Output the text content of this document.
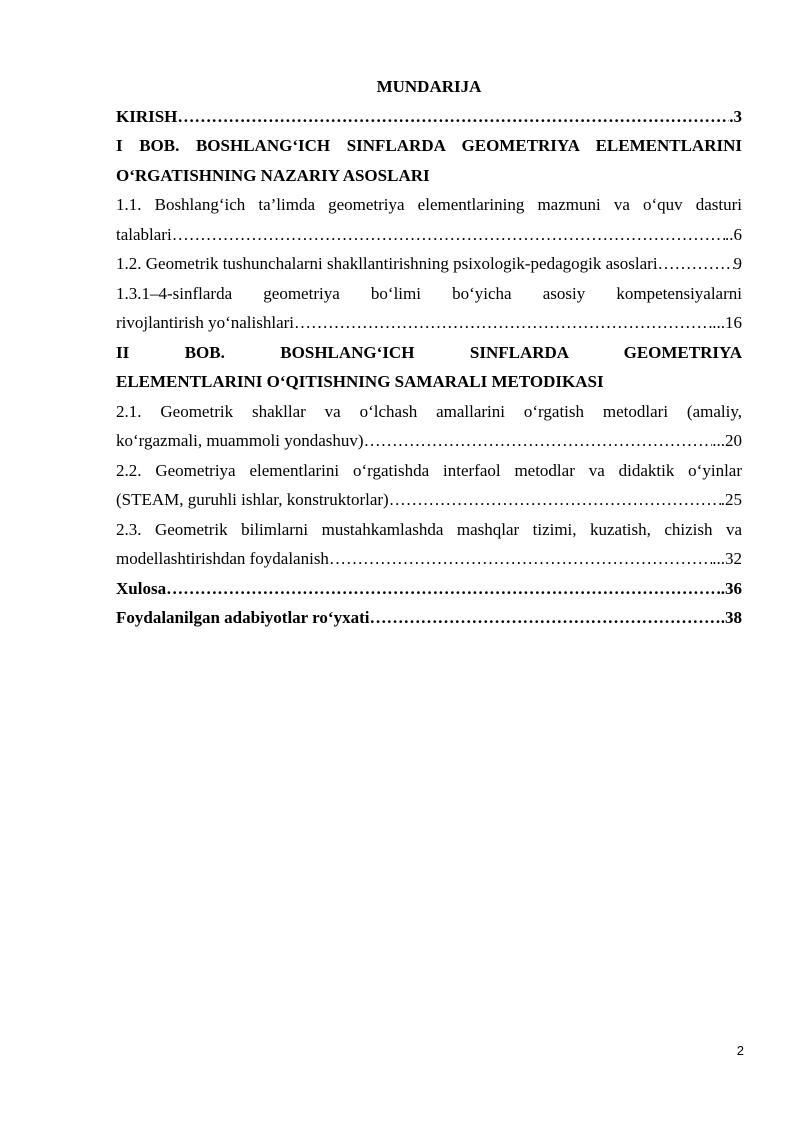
MUNDARIJA

KIRISH ………………………………………………………………………………………………………………………………………………………………………………………………	.3
I BOB. BOSHLANG‘ICH SINFLARDA GEOMETRIYA ELEMENTLARINI
O‘RGATISHNING NAZARIY ASOSLARI
1.1. Boshlang‘ich ta’limda geometriya elementlarining mazmuni va o‘quv dasturi
talablari ………………………………………………………………………………………………………………………………………………………………………………………………	..6
1.2. Geometrik tushunchalarni shakllantirishning psixologik-pedagogik asoslari ………………………………………………………………………………………………………………………………………………………………………………………………	9
1.3.1–4-sinflarda geometriya bo‘limi bo‘yicha asosiy kompetensiyalarni
rivojlantirish yo‘nalishlari ………………………………………………………………………………………………………………………………………………………………………………………………	...16
II BOB. BOSHLANG‘ICH SINFLARDA GEOMETRIYA
ELEMENTLARINI O‘QITISHNING SAMARALI METODIKASI
2.1. Geometrik shakllar va o‘lchash amallarini o‘rgatish metodlari (amaliy,
ko‘rgazmali, muammoli yondashuv) ………………………………………………………………………………………………………………………………………………………………………………………………	...20
2.2. Geometriya elementlarini o‘rgatishda interfaol metodlar va didaktik o‘yinlar
(STEAM, guruhli ishlar, konstruktorlar) ………………………………………………………………………………………………………………………………………………………………………………………………	.25
2.3. Geometrik bilimlarni mustahkamlashda mashqlar tizimi, kuzatish, chizish va
modellashtirishdan foydalanish ………………………………………………………………………………………………………………………………………………………………………………………………	...32
Xulosa ………………………………………………………………………………………………………………………………………………………………………………………………	.36
Foydalanilgan adabiyotlar ro‘yxati ………………………………………………………………………………………………………………………………………………………………………………………………	.38
2
